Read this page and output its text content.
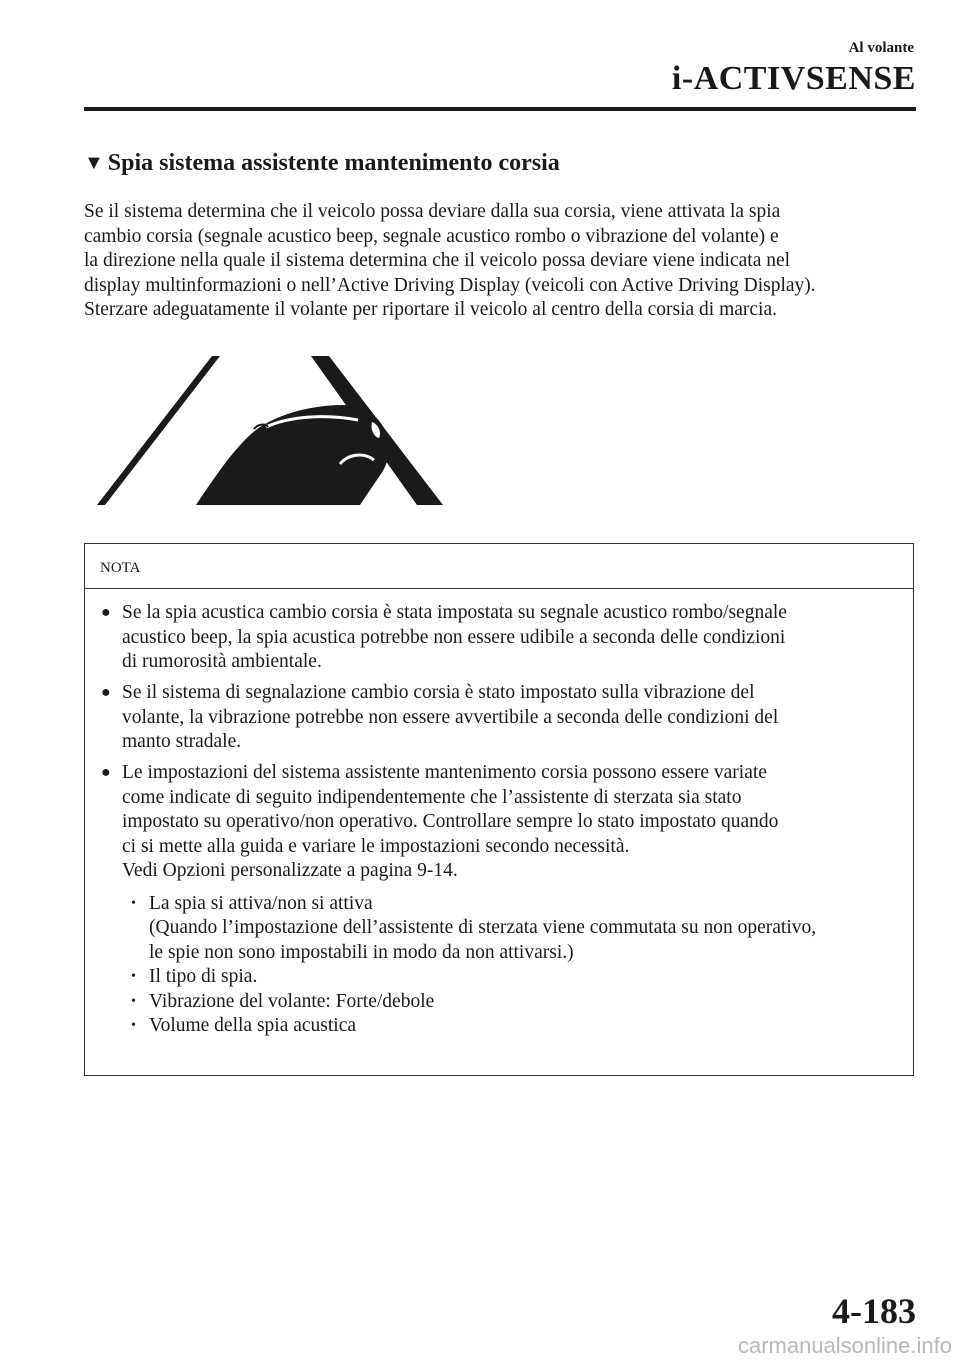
Al volante
i-ACTIVSENSE
▼ Spia sistema assistente mantenimento corsia
Se il sistema determina che il veicolo possa deviare dalla sua corsia, viene attivata la spia
cambio corsia (segnale acustico beep, segnale acustico rombo o vibrazione del volante) e
la direzione nella quale il sistema determina che il veicolo possa deviare viene indicata nel
display multinformazioni o nell’Active Driving Display (veicoli con Active Driving Display).
Sterzare adeguatamente il volante per riportare il veicolo al centro della corsia di marcia.
NOTA
● Se la spia acustica cambio corsia è stata impostata su segnale acustico rombo/segnale
acustico beep, la spia acustica potrebbe non essere udibile a seconda delle condizioni
di rumorosità ambientale.
● Se il sistema di segnalazione cambio corsia è stato impostato sulla vibrazione del
volante, la vibrazione potrebbe non essere avvertibile a seconda delle condizioni del
manto stradale.
● Le impostazioni del sistema assistente mantenimento corsia possono essere variate
come indicate di seguito indipendentemente che l’assistente di sterzata sia stato
impostato su operativo/non operativo. Controllare sempre lo stato impostato quando
ci si mette alla guida e variare le impostazioni secondo necessità.
Vedi Opzioni personalizzate a pagina 9-14.
• La spia si attiva/non si attiva
(Quando l’impostazione dell’assistente di sterzata viene commutata su non operativo,
le spie non sono impostabili in modo da non attivarsi.)
• Il tipo di spia.
• Vibrazione del volante: Forte/debole
• Volume della spia acustica
4-183
carmanualsonline.info
